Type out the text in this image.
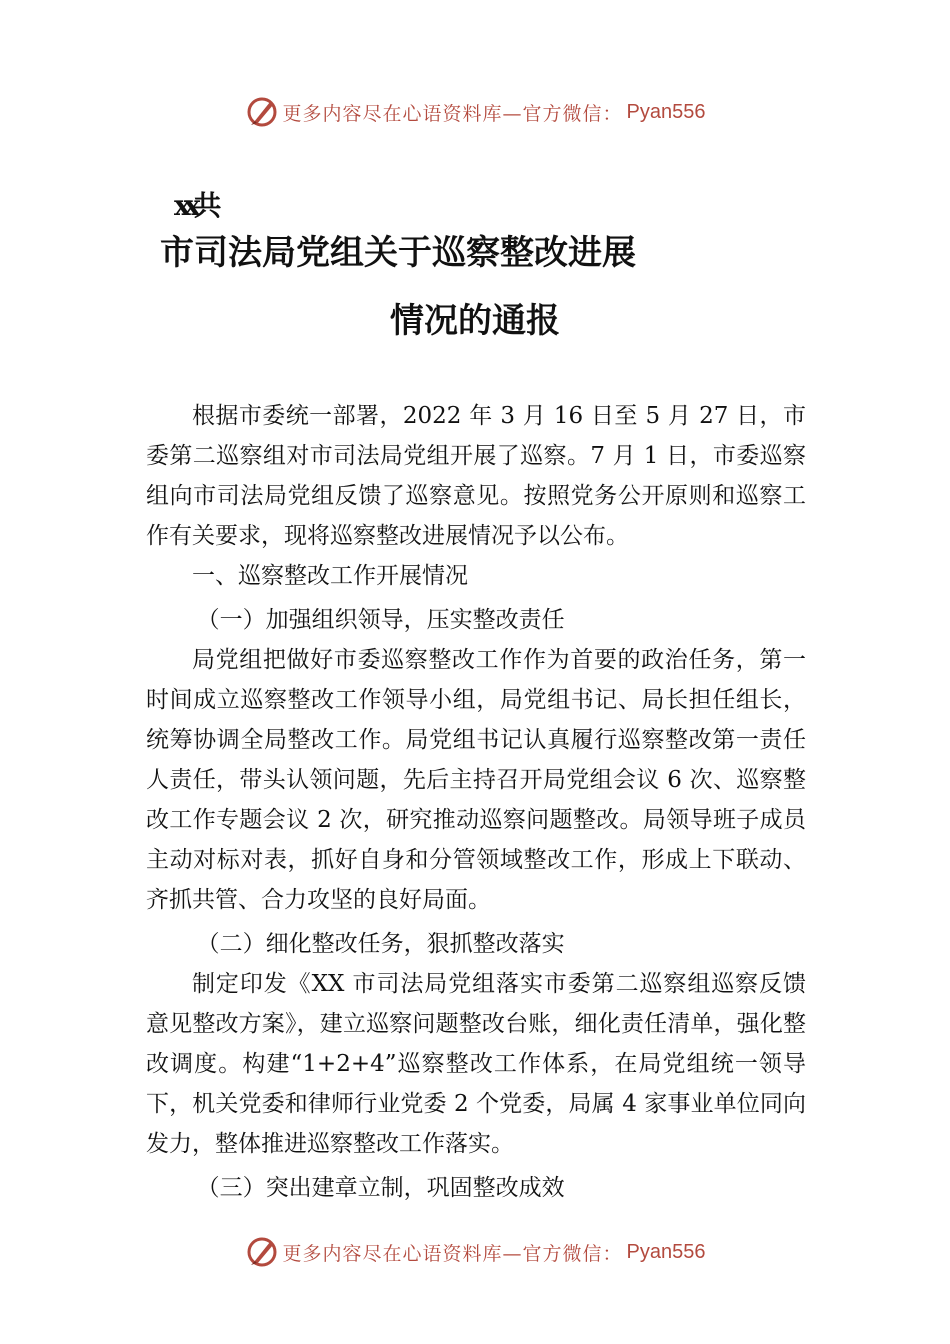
更多内容尽在心语资料库—官方微信： Pyan556
xx共
市司法局党组关于巡察整改进展
情况的通报

根据市委统一部署，2022 年 3 月 16 日至 5 月 27 日，市委第二巡察组对市司法局党组开展了巡察。7 月 1 日，市委巡察组向市司法局党组反馈了巡察意见。按照党务公开原则和巡察工作有关要求，现将巡察整改进展情况予以公布。

一、巡察整改工作开展情况
（一）加强组织领导，压实整改责任

局党组把做好市委巡察整改工作作为首要的政治任务，第一时间成立巡察整改工作领导小组，局党组书记、局长担任组长，统筹协调全局整改工作。局党组书记认真履行巡察整改第一责任人责任，带头认领问题，先后主持召开局党组会议 6 次、巡察整改工作专题会议 2 次，研究推动巡察问题整改。局领导班子成员主动对标对表，抓好自身和分管领域整改工作，形成上下联动、齐抓共管、合力攻坚的良好局面。

（二）细化整改任务，狠抓整改落实

制定印发《XX 市司法局党组落实市委第二巡察组巡察反馈意见整改方案》，建立巡察问题整改台账，细化责任清单，强化整改调度。构建“1+2+4”巡察整改工作体系，在局党组统一领导下，机关党委和律师行业党委 2 个党委，局属 4 家事业单位同向发力，整体推进巡察整改工作落实。

（三）突出建章立制，巩固整改成效
更多内容尽在心语资料库—官方微信： Pyan556
